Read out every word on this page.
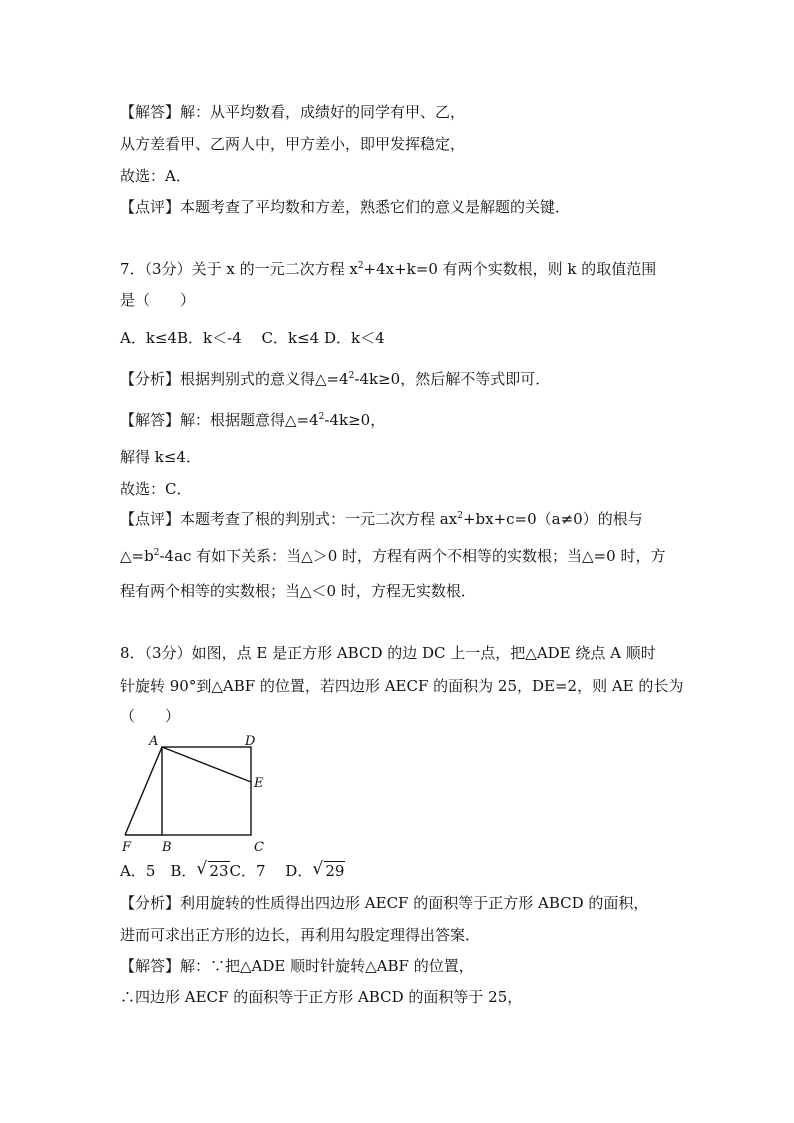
【解答】解：从平均数看，成绩好的同学有甲、乙，
从方差看甲、乙两人中，甲方差小，即甲发挥稳定，
故选：A．
【点评】本题考查了平均数和方差，熟悉它们的意义是解题的关键．
7．（3分）关于 x 的一元二次方程 $x^2+4x+k=0$ 有两个实数根，则 k 的取值范围
是（　　）
A．k≤4B．k＜-4　 C．k≤4 D．k＜4
【分析】根据判别式的意义得$\triangle=4^2-4k\ge 0$，然后解不等式即可．
【解答】解：根据题意得$\triangle=4^2-4k\ge 0$，
解得 k≤4．
故选：C．
【点评】本题考查了根的判别式：一元二次方程 $ax^2+bx+c=0(a\ne 0)$的根与
$\triangle=b^2-4ac$ 有如下关系：当△＞0 时，方程有两个不相等的实数根；当△=0 时，方
程有两个相等的实数根；当△＜0 时，方程无实数根．
8．（3分）如图，点 E 是正方形 ABCD 的边 DC 上一点，把△ADE 绕点 A 顺时
针旋转 90°到△ABF 的位置，若四边形 AECF 的面积为 25，DE=2，则 AE 的长为
（　　）
A	D
E
F B	C
A．5　B． √ 23C．7　 D． √ 29
【分析】利用旋转的性质得出四边形 AECF 的面积等于正方形 ABCD 的面积，
进而可求出正方形的边长，再利用勾股定理得出答案．
【解答】解：∵把△ADE 顺时针旋转△ABF 的位置，
∴四边形 AECF 的面积等于正方形 ABCD 的面积等于 25，
